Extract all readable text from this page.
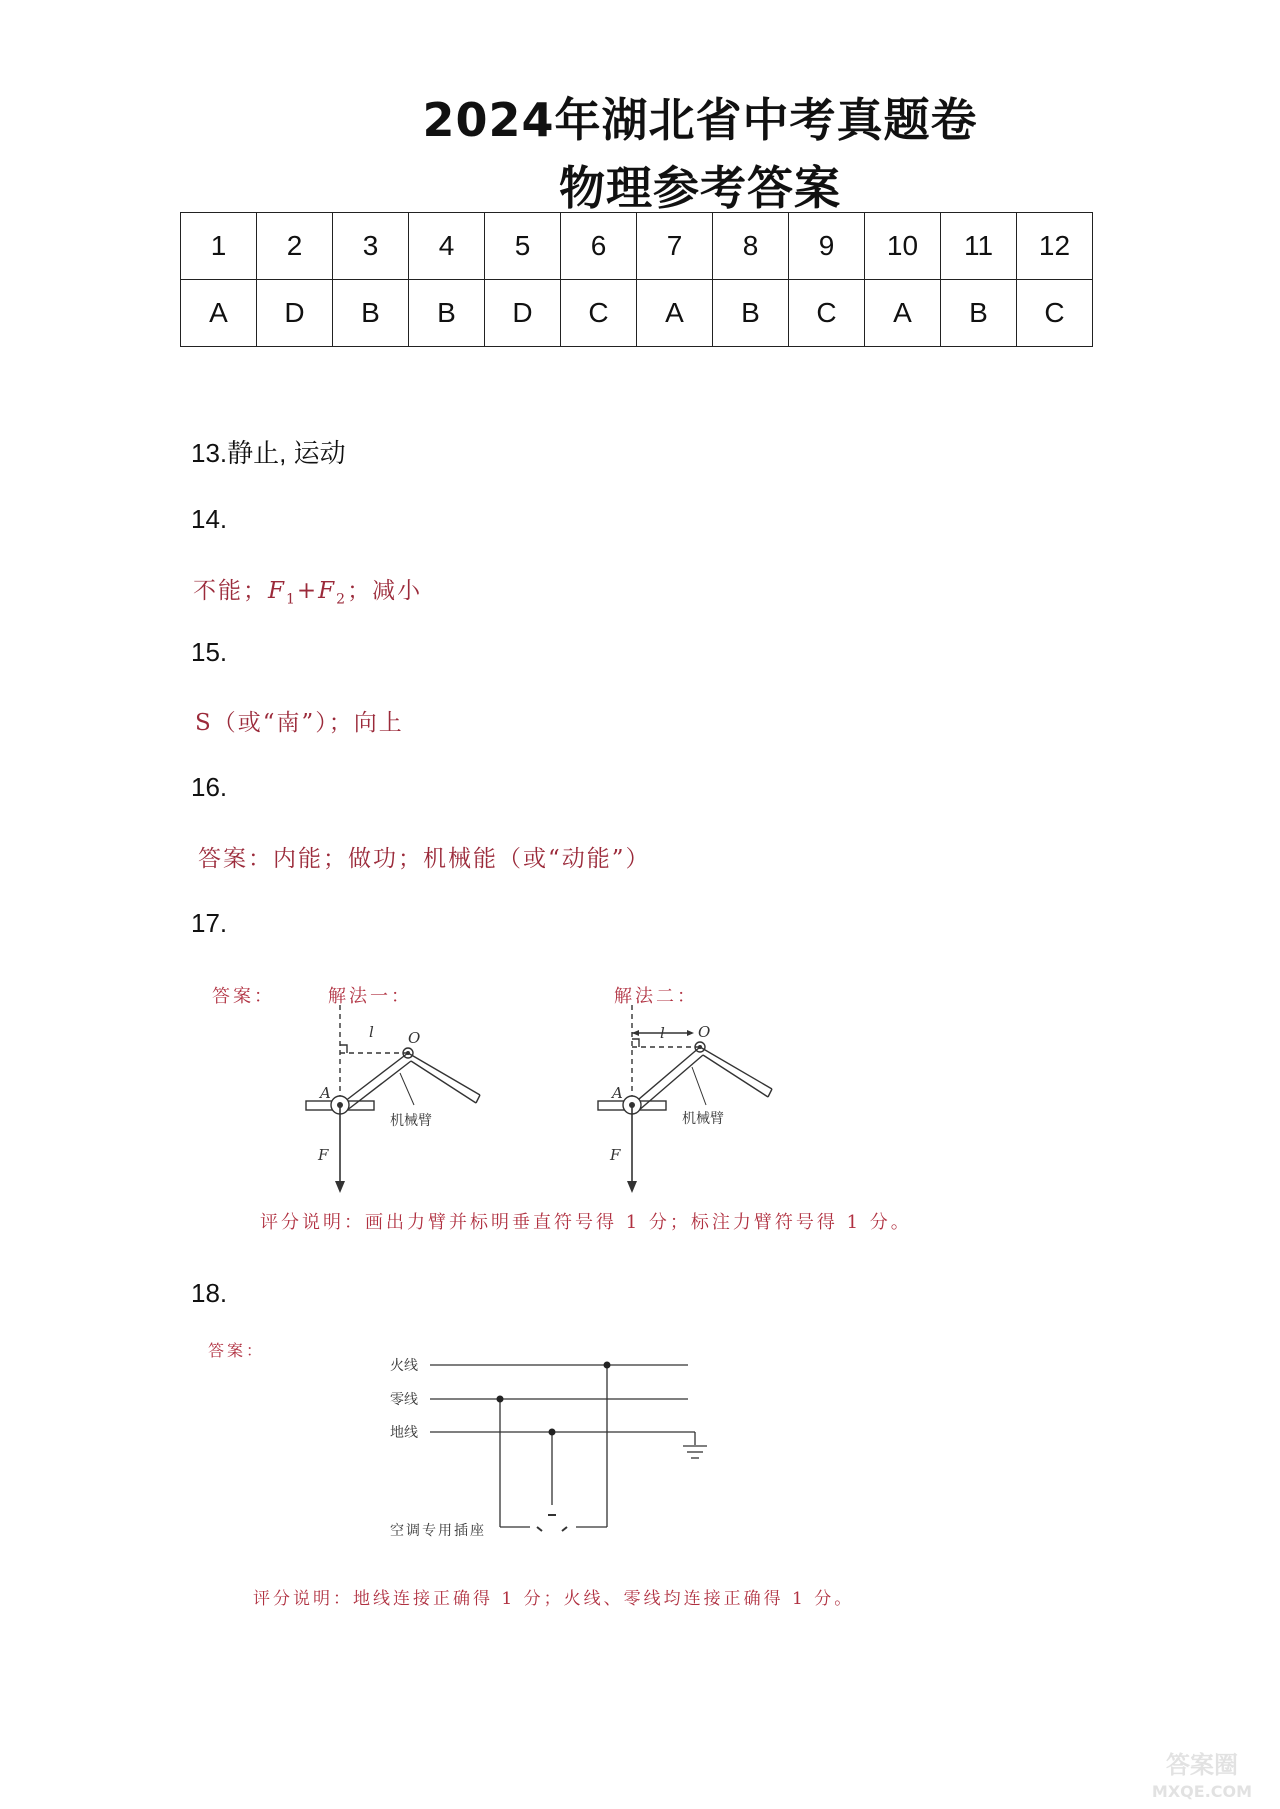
2024年湖北省中考真题卷
物理参考答案
1	2	3	4	5	6	7	8	9	10	11	12
A	D	B	B	D	C	A	B	C	A	B	C
13.静止, 运动
14.
不能；$F_1+F_2$；减小
15.
S（或“南”）；向上
16.
答案：内能；做功；机械能（或“动能”）
17.
答案：	解法一：	解法二：
l O
A
F
机械臂
l O
A
F
机械臂
评分说明：画出力臂并标明垂直符号得 1 分；标注力臂符号得 1 分。
18.
答案：
火线
零线
地线
空调专用插座
评分说明：地线连接正确得 1 分；火线、零线均连接正确得 1 分。
答案圈
MXQE.COM
